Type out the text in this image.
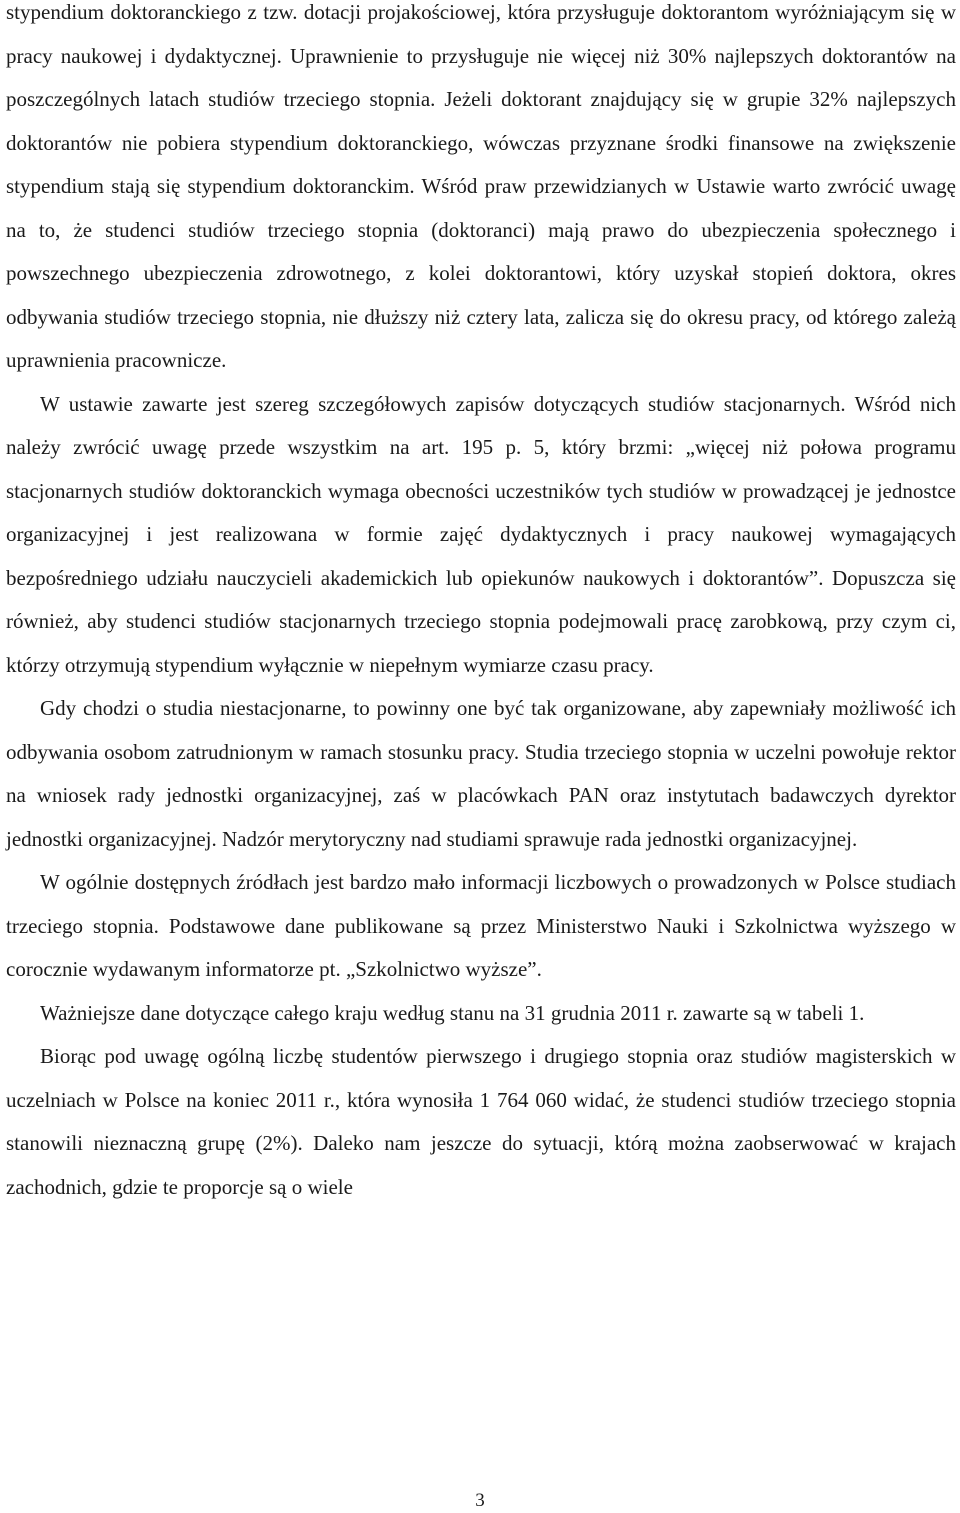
stypendium doktoranckiego z tzw. dotacji projakościowej, która przysługuje doktorantom wyróżniającym się w pracy naukowej i dydaktycznej. Uprawnienie to przysługuje nie więcej niż 30% najlepszych doktorantów na poszczególnych latach studiów trzeciego stopnia. Jeżeli doktorant znajdujący się w grupie 32% najlepszych doktorantów nie pobiera stypendium doktoranckiego, wówczas przyznane środki finansowe na zwiększenie stypendium stają się stypendium doktoranckim. Wśród praw przewidzianych w Ustawie warto zwrócić uwagę na to, że studenci studiów trzeciego stopnia (doktoranci) mają prawo do ubezpieczenia społecznego i powszechnego ubezpieczenia zdrowotnego, z kolei doktorantowi, który uzyskał stopień doktora, okres odbywania studiów trzeciego stopnia, nie dłuższy niż cztery lata, zalicza się do okresu pracy, od którego zależą uprawnienia pracownicze.

W ustawie zawarte jest szereg szczegółowych zapisów dotyczących studiów stacjonarnych. Wśród nich należy zwrócić uwagę przede wszystkim na art. 195 p. 5, który brzmi: „więcej niż połowa programu stacjonarnych studiów doktoranckich wymaga obecności uczestników tych studiów w prowadzącej je jednostce organizacyjnej i jest realizowana w formie zajęć dydaktycznych i pracy naukowej wymagających bezpośredniego udziału nauczycieli akademickich lub opiekunów naukowych i doktorantów”. Dopuszcza się również, aby studenci studiów stacjonarnych trzeciego stopnia podejmowali pracę zarobkową, przy czym ci, którzy otrzymują stypendium wyłącznie w niepełnym wymiarze czasu pracy.

Gdy chodzi o studia niestacjonarne, to powinny one być tak organizowane, aby zapewniały możliwość ich odbywania osobom zatrudnionym w ramach stosunku pracy. Studia trzeciego stopnia w uczelni powołuje rektor na wniosek rady jednostki organizacyjnej, zaś w placówkach PAN oraz instytutach badawczych dyrektor jednostki organizacyjnej. Nadzór merytoryczny nad studiami sprawuje rada jednostki organizacyjnej.

W ogólnie dostępnych źródłach jest bardzo mało informacji liczbowych o prowadzonych w Polsce studiach trzeciego stopnia. Podstawowe dane publikowane są przez Ministerstwo Nauki i Szkolnictwa wyższego w corocznie wydawanym informatorze pt. „Szkolnictwo wyższe”.

Ważniejsze dane dotyczące całego kraju według stanu na 31 grudnia 2011 r. zawarte są w tabeli 1.

Biorąc pod uwagę ogólną liczbę studentów pierwszego i drugiego stopnia oraz studiów magisterskich w uczelniach w Polsce na koniec 2011 r., która wynosiła 1 764 060 widać, że studenci studiów trzeciego stopnia stanowili nieznaczną grupę (2%). Daleko nam jeszcze do sytuacji, którą można zaobserwować w krajach zachodnich, gdzie te proporcje są o wiele

3
